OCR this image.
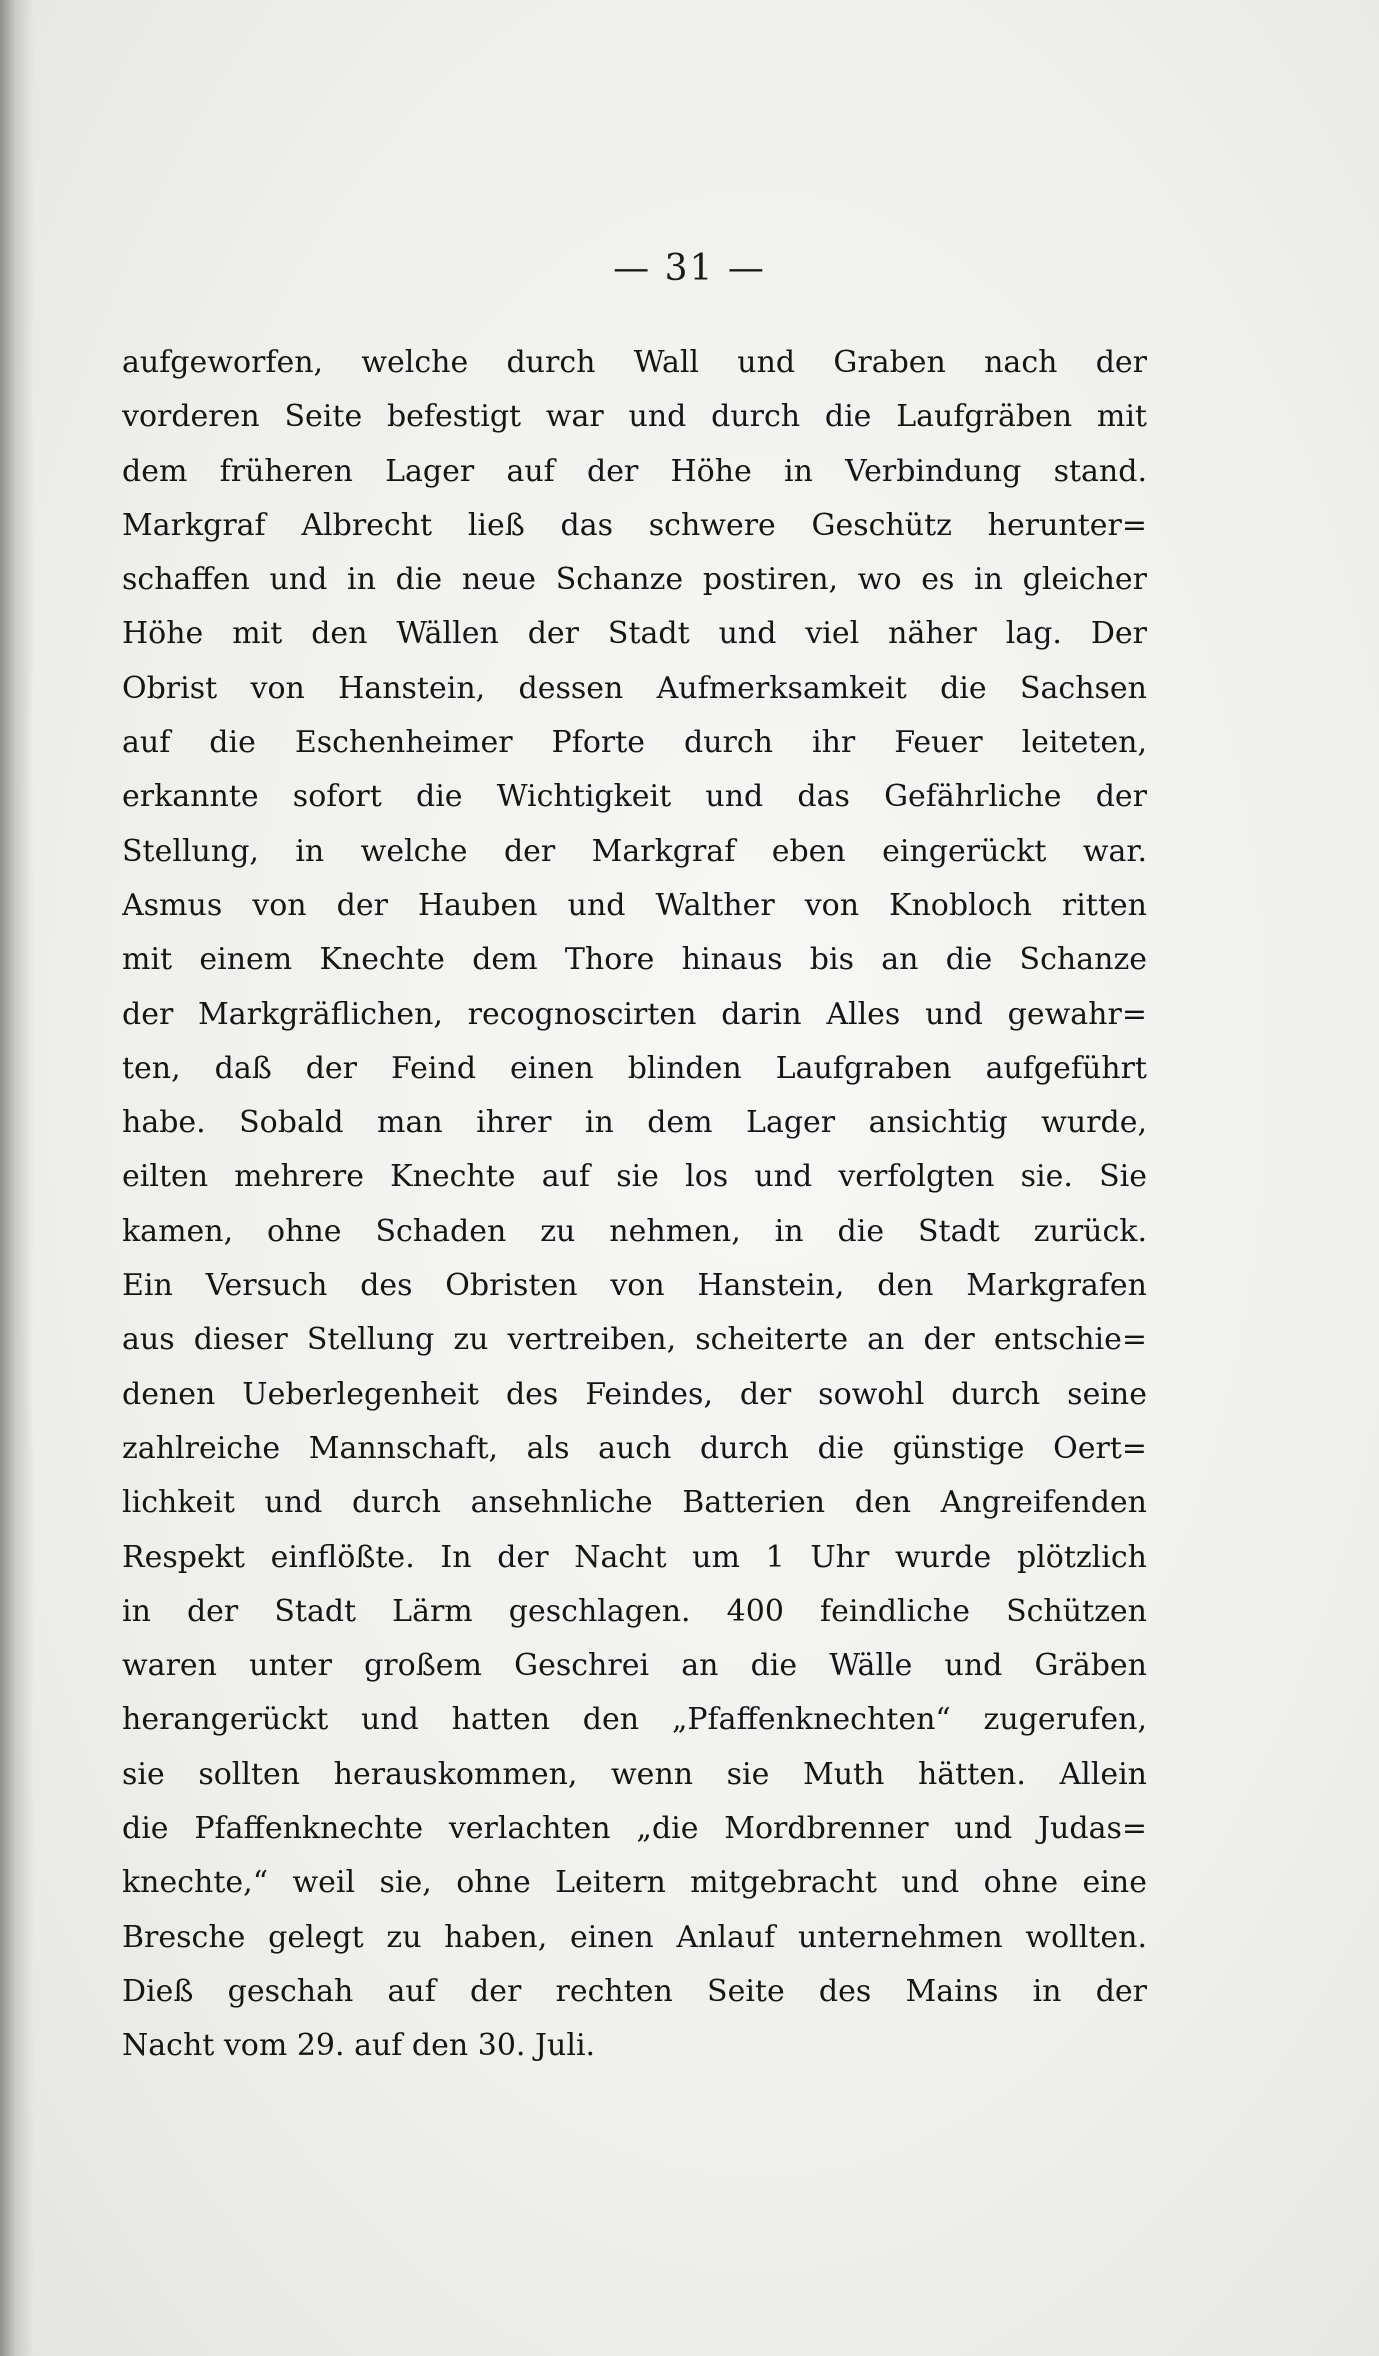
— 31 —

aufgeworfen, welche durch Wall und Graben nach der
vorderen Seite befestigt war und durch die Laufgräben mit
dem früheren Lager auf der Höhe in Verbindung stand.
Markgraf Albrecht ließ das schwere Geschütz herunter=
schaffen und in die neue Schanze postiren, wo es in gleicher
Höhe mit den Wällen der Stadt und viel näher lag. Der
Obrist von Hanstein, dessen Aufmerksamkeit die Sachsen
auf die Eschenheimer Pforte durch ihr Feuer leiteten,
erkannte sofort die Wichtigkeit und das Gefährliche der
Stellung, in welche der Markgraf eben eingerückt war.
Asmus von der Hauben und Walther von Knobloch ritten
mit einem Knechte dem Thore hinaus bis an die Schanze
der Markgräflichen, recognoscirten darin Alles und gewahr=
ten, daß der Feind einen blinden Laufgraben aufgeführt
habe. Sobald man ihrer in dem Lager ansichtig wurde,
eilten mehrere Knechte auf sie los und verfolgten sie. Sie
kamen, ohne Schaden zu nehmen, in die Stadt zurück.
Ein Versuch des Obristen von Hanstein, den Markgrafen
aus dieser Stellung zu vertreiben, scheiterte an der entschie=
denen Ueberlegenheit des Feindes, der sowohl durch seine
zahlreiche Mannschaft, als auch durch die günstige Oert=
lichkeit und durch ansehnliche Batterien den Angreifenden
Respekt einflößte. In der Nacht um 1 Uhr wurde plötzlich
in der Stadt Lärm geschlagen. 400 feindliche Schützen
waren unter großem Geschrei an die Wälle und Gräben
herangerückt und hatten den „Pfaffenknechten“ zugerufen,
sie sollten herauskommen, wenn sie Muth hätten. Allein
die Pfaffenknechte verlachten „die Mordbrenner und Judas=
knechte,“ weil sie, ohne Leitern mitgebracht und ohne eine
Bresche gelegt zu haben, einen Anlauf unternehmen wollten.
Dieß geschah auf der rechten Seite des Mains in der
Nacht vom 29. auf den 30. Juli.
